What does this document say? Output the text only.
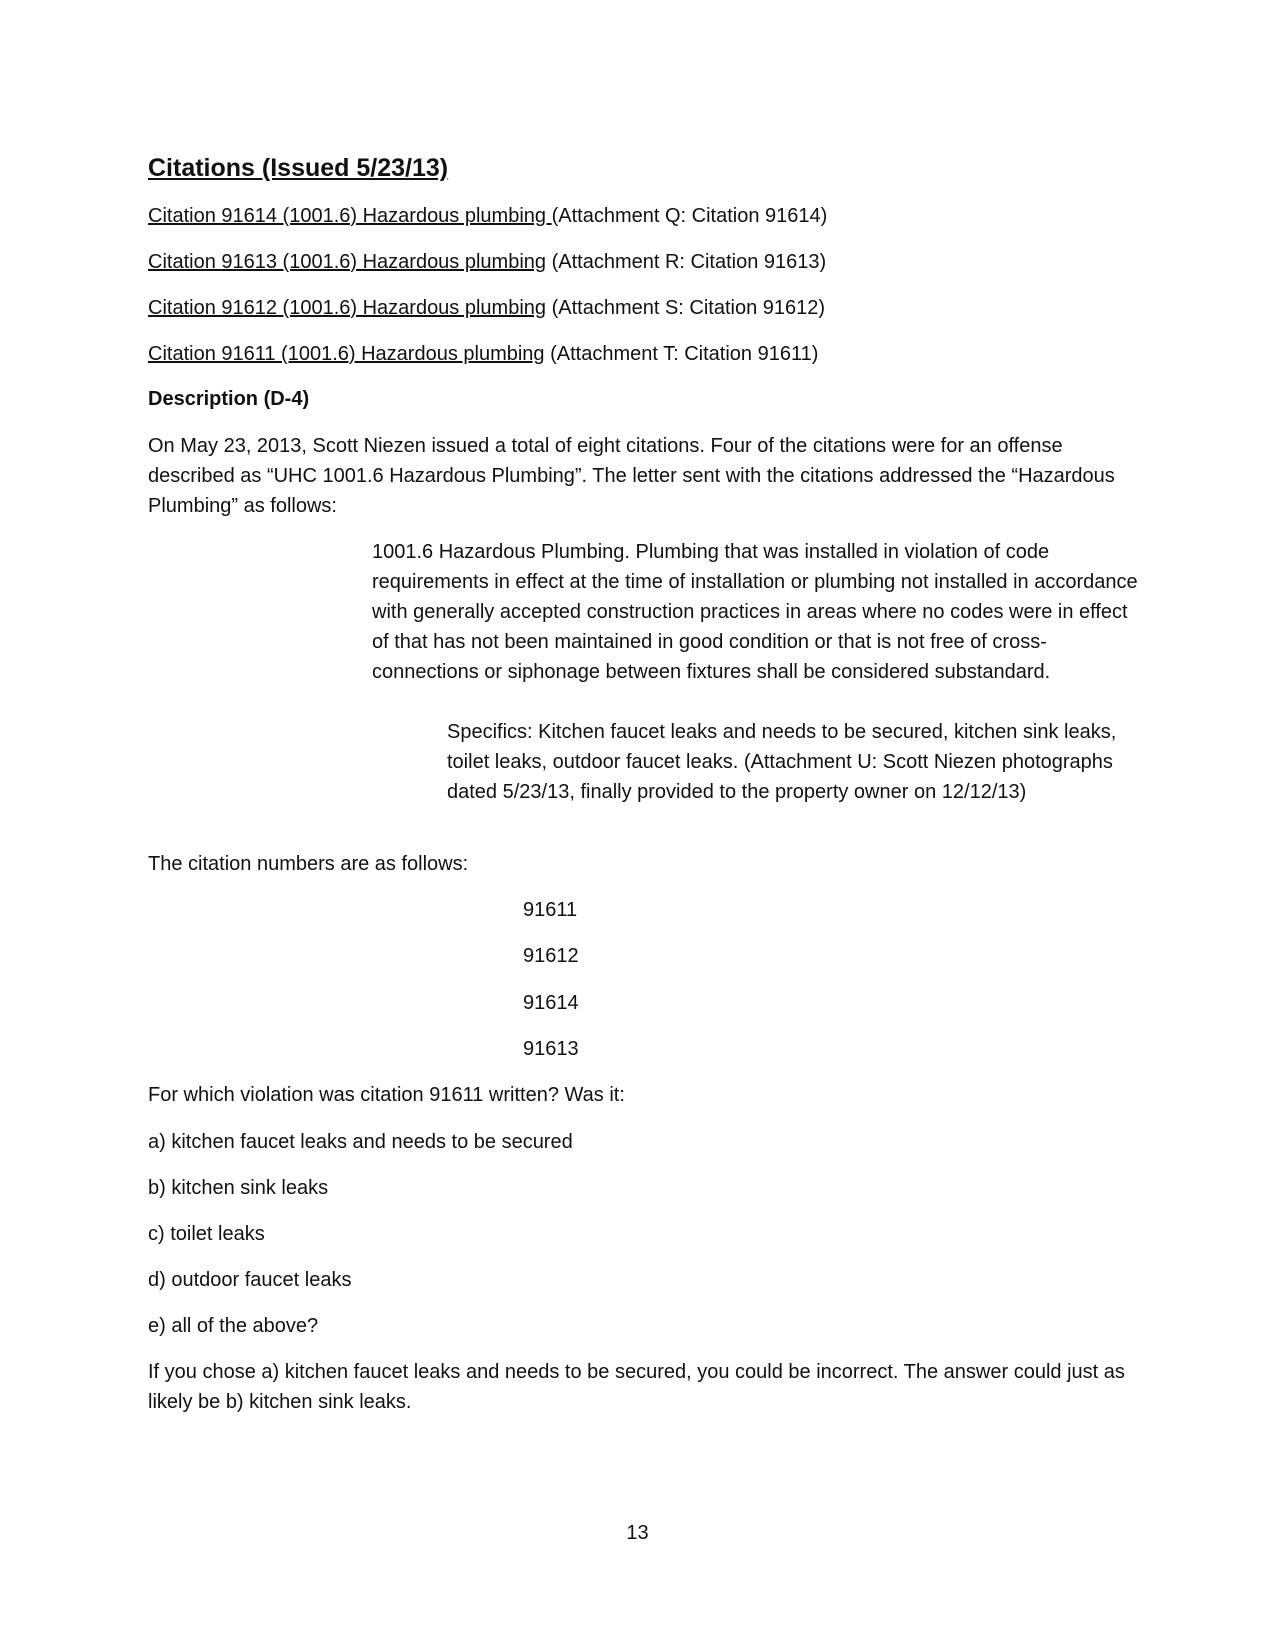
Citations (Issued 5/23/13)
Citation 91614 (1001.6) Hazardous plumbing (Attachment Q: Citation 91614)
Citation 91613 (1001.6) Hazardous plumbing (Attachment R: Citation 91613)
Citation 91612 (1001.6) Hazardous plumbing (Attachment S: Citation 91612)
Citation 91611 (1001.6) Hazardous plumbing (Attachment T: Citation 91611)
Description (D-4)

On May 23, 2013, Scott Niezen issued a total of eight citations. Four of the citations were for an offense described as “UHC 1001.6 Hazardous Plumbing”. The letter sent with the citations addressed the “Hazardous Plumbing” as follows:

1001.6 Hazardous Plumbing. Plumbing that was installed in violation of code requirements in effect at the time of installation or plumbing not installed in accordance with generally accepted construction practices in areas where no codes were in effect of that has not been maintained in good condition or that is not free of cross-connections or siphonage between fixtures shall be considered substandard.

Specifics: Kitchen faucet leaks and needs to be secured, kitchen sink leaks, toilet leaks, outdoor faucet leaks. (Attachment U: Scott Niezen photographs dated 5/23/13, finally provided to the property owner on 12/12/13)

The citation numbers are as follows:
91611
91612
91614
91613
For which violation was citation 91611 written? Was it:
a) kitchen faucet leaks and needs to be secured
b) kitchen sink leaks
c) toilet leaks
d) outdoor faucet leaks
e) all of the above?

If you chose a) kitchen faucet leaks and needs to be secured, you could be incorrect. The answer could just as likely be b) kitchen sink leaks.

13
